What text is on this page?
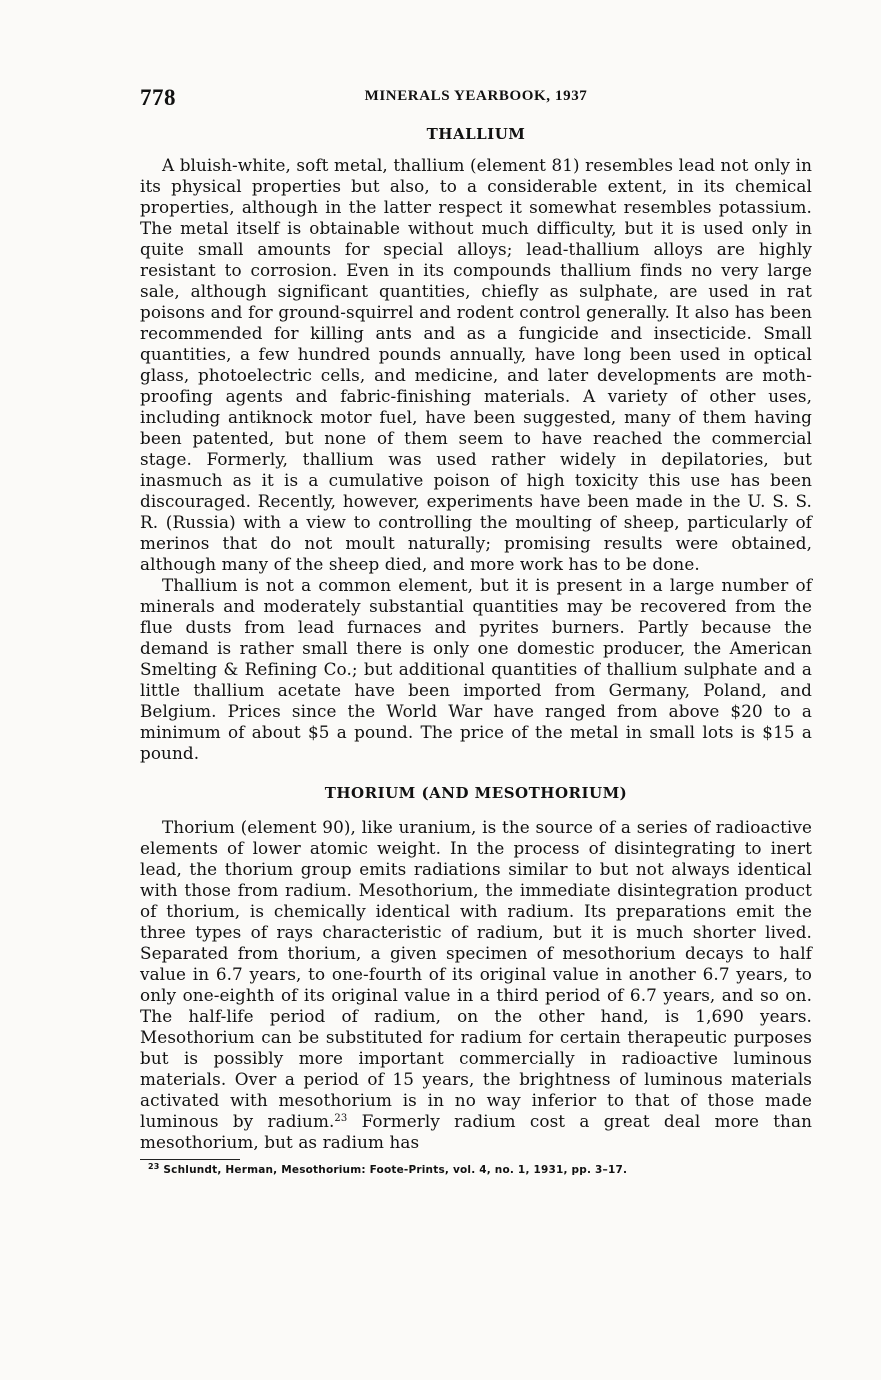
778	MINERALS YEARBOOK, 1937
THALLIUM

A bluish-white, soft metal, thallium (element 81) resembles lead not only in its physical properties but also, to a considerable extent, in its chemical properties, although in the latter respect it somewhat resembles potassium. The metal itself is obtainable without much difficulty, but it is used only in quite small amounts for special alloys; lead-thallium alloys are highly resistant to corrosion. Even in its compounds thallium finds no very large sale, although significant quantities, chiefly as sulphate, are used in rat poisons and for ground-squirrel and rodent control generally. It also has been recommended for killing ants and as a fungicide and insecticide. Small quantities, a few hundred pounds annually, have long been used in optical glass, photoelectric cells, and medicine, and later developments are moth-proofing agents and fabric-finishing materials. A variety of other uses, including antiknock motor fuel, have been suggested, many of them having been patented, but none of them seem to have reached the commercial stage. Formerly, thallium was used rather widely in depilatories, but inasmuch as it is a cumulative poison of high toxicity this use has been discouraged. Recently, however, experiments have been made in the U. S. S. R. (Russia) with a view to controlling the moulting of sheep, particularly of merinos that do not moult naturally; promising results were obtained, although many of the sheep died, and more work has to be done.

Thallium is not a common element, but it is present in a large number of minerals and moderately substantial quantities may be recovered from the flue dusts from lead furnaces and pyrites burners. Partly because the demand is rather small there is only one domestic producer, the American Smelting & Refining Co.; but additional quantities of thallium sulphate and a little thallium acetate have been imported from Germany, Poland, and Belgium. Prices since the World War have ranged from above $20 to a minimum of about $5 a pound. The price of the metal in small lots is $15 a pound.

THORIUM (AND MESOTHORIUM)

Thorium (element 90), like uranium, is the source of a series of radioactive elements of lower atomic weight. In the process of disintegrating to inert lead, the thorium group emits radiations similar to but not always identical with those from radium. Mesothorium, the immediate disintegration product of thorium, is chemically identical with radium. Its preparations emit the three types of rays characteristic of radium, but it is much shorter lived. Separated from thorium, a given specimen of mesothorium decays to half value in 6.7 years, to one-fourth of its original value in another 6.7 years, to only one-eighth of its original value in a third period of 6.7 years, and so on. The half-life period of radium, on the other hand, is 1,690 years. Mesothorium can be substituted for radium for certain therapeutic purposes but is possibly more important commercially in radioactive luminous materials. Over a period of 15 years, the brightness of luminous materials activated with mesothorium is in no way inferior to that of those made luminous by radium.$^{23}$ Formerly radium cost a great deal more than mesothorium, but as radium has

$^{23}$ Schlundt, Herman, Mesothorium: Foote-Prints, vol. 4, no. 1, 1931, pp. 3–17.
